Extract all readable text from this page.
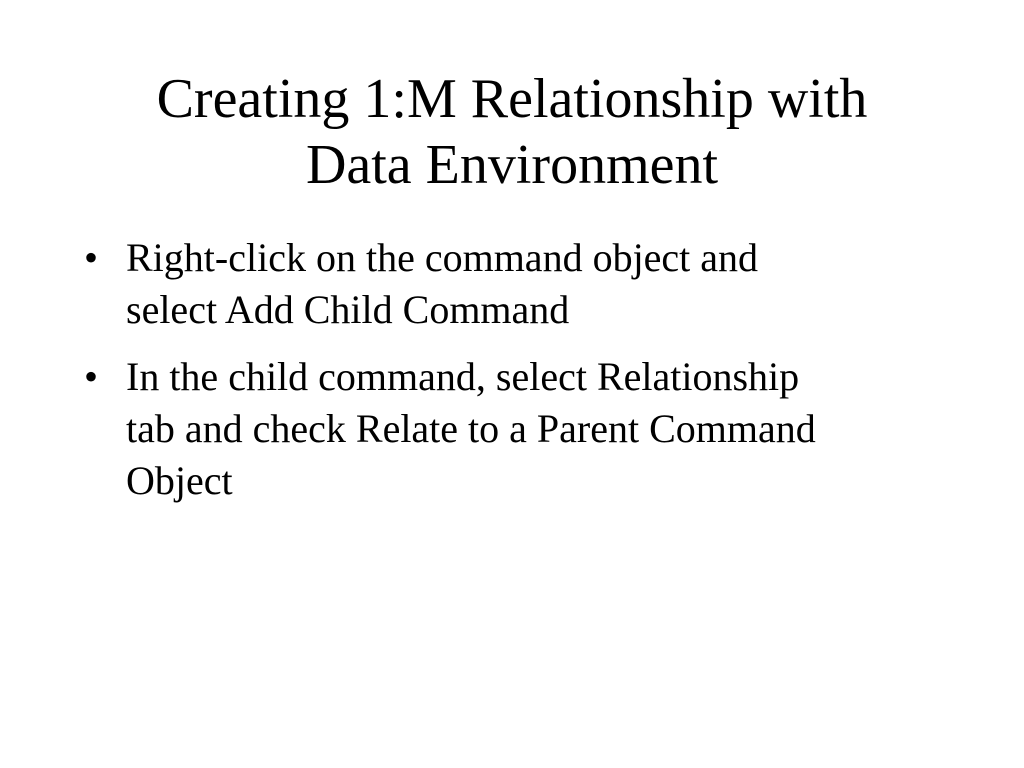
Creating 1:M Relationship with
Data Environment
• Right-click on the command object and
select Add Child Command
• In the child command, select Relationship
tab and check Relate to a Parent Command
Object
